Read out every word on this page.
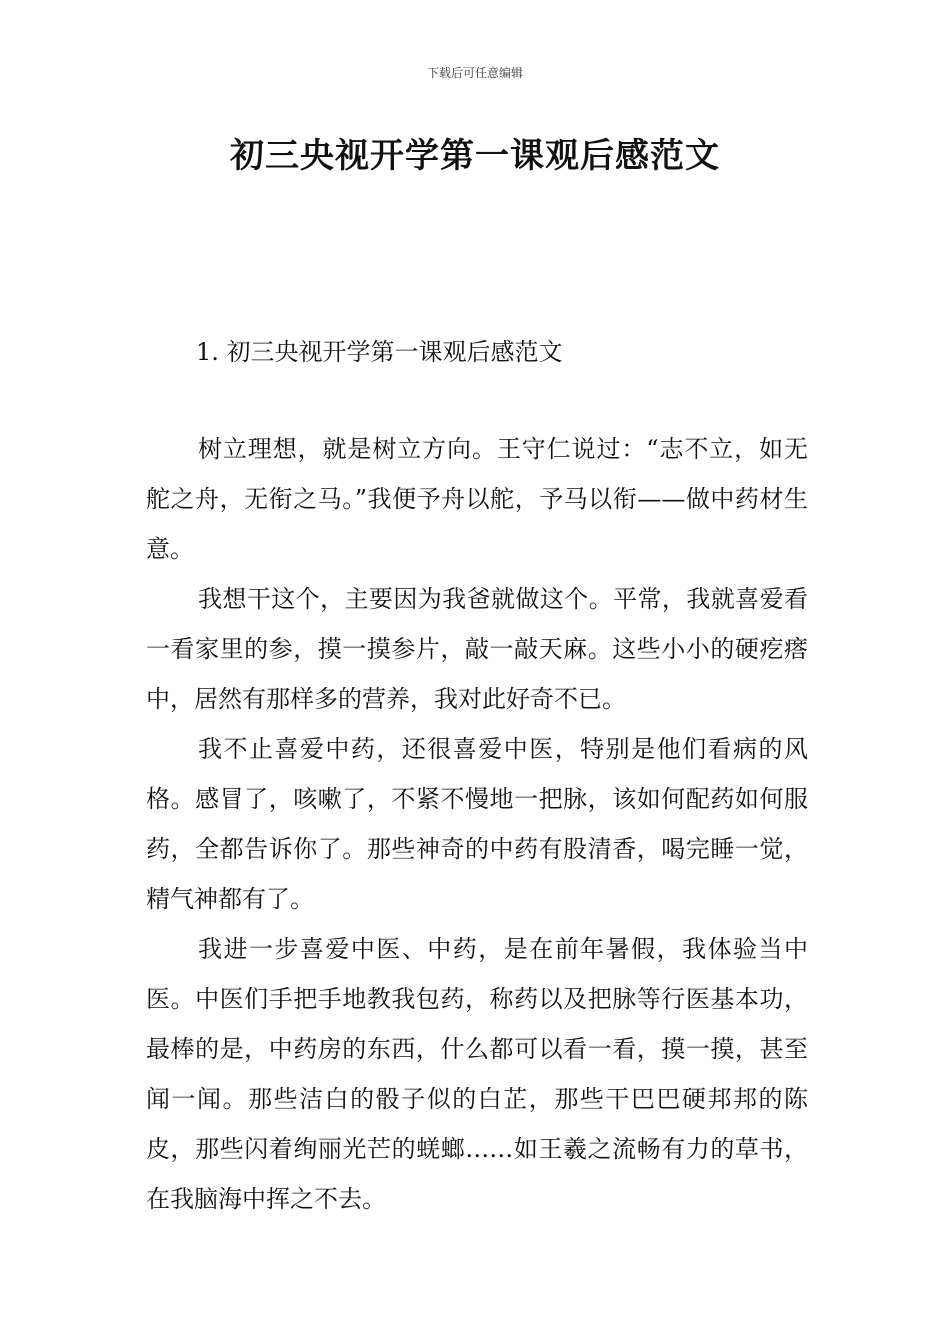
下载后可任意编辑
初三央视开学第一课观后感范文
1. 初三央视开学第一课观后感范文

树立理想，就是树立方向。王守仁说过：“志不立，如无舵之舟，无衔之马。”我便予舟以舵，予马以衔——做中药材生意。

我想干这个，主要因为我爸就做这个。平常，我就喜爱看一看家里的参，摸一摸参片，敲一敲天麻。这些小小的硬疙瘩中，居然有那样多的营养，我对此好奇不已。

我不止喜爱中药，还很喜爱中医，特别是他们看病的风格。感冒了，咳嗽了，不紧不慢地一把脉，该如何配药如何服药，全都告诉你了。那些神奇的中药有股清香，喝完睡一觉，精气神都有了。

我进一步喜爱中医、中药，是在前年暑假，我体验当中医。中医们手把手地教我包药，称药以及把脉等行医基本功，最棒的是，中药房的东西，什么都可以看一看，摸一摸，甚至闻一闻。那些洁白的骰子似的白芷，那些干巴巴硬邦邦的陈皮，那些闪着绚丽光芒的蜣螂……如王羲之流畅有力的草书，在我脑海中挥之不去。
